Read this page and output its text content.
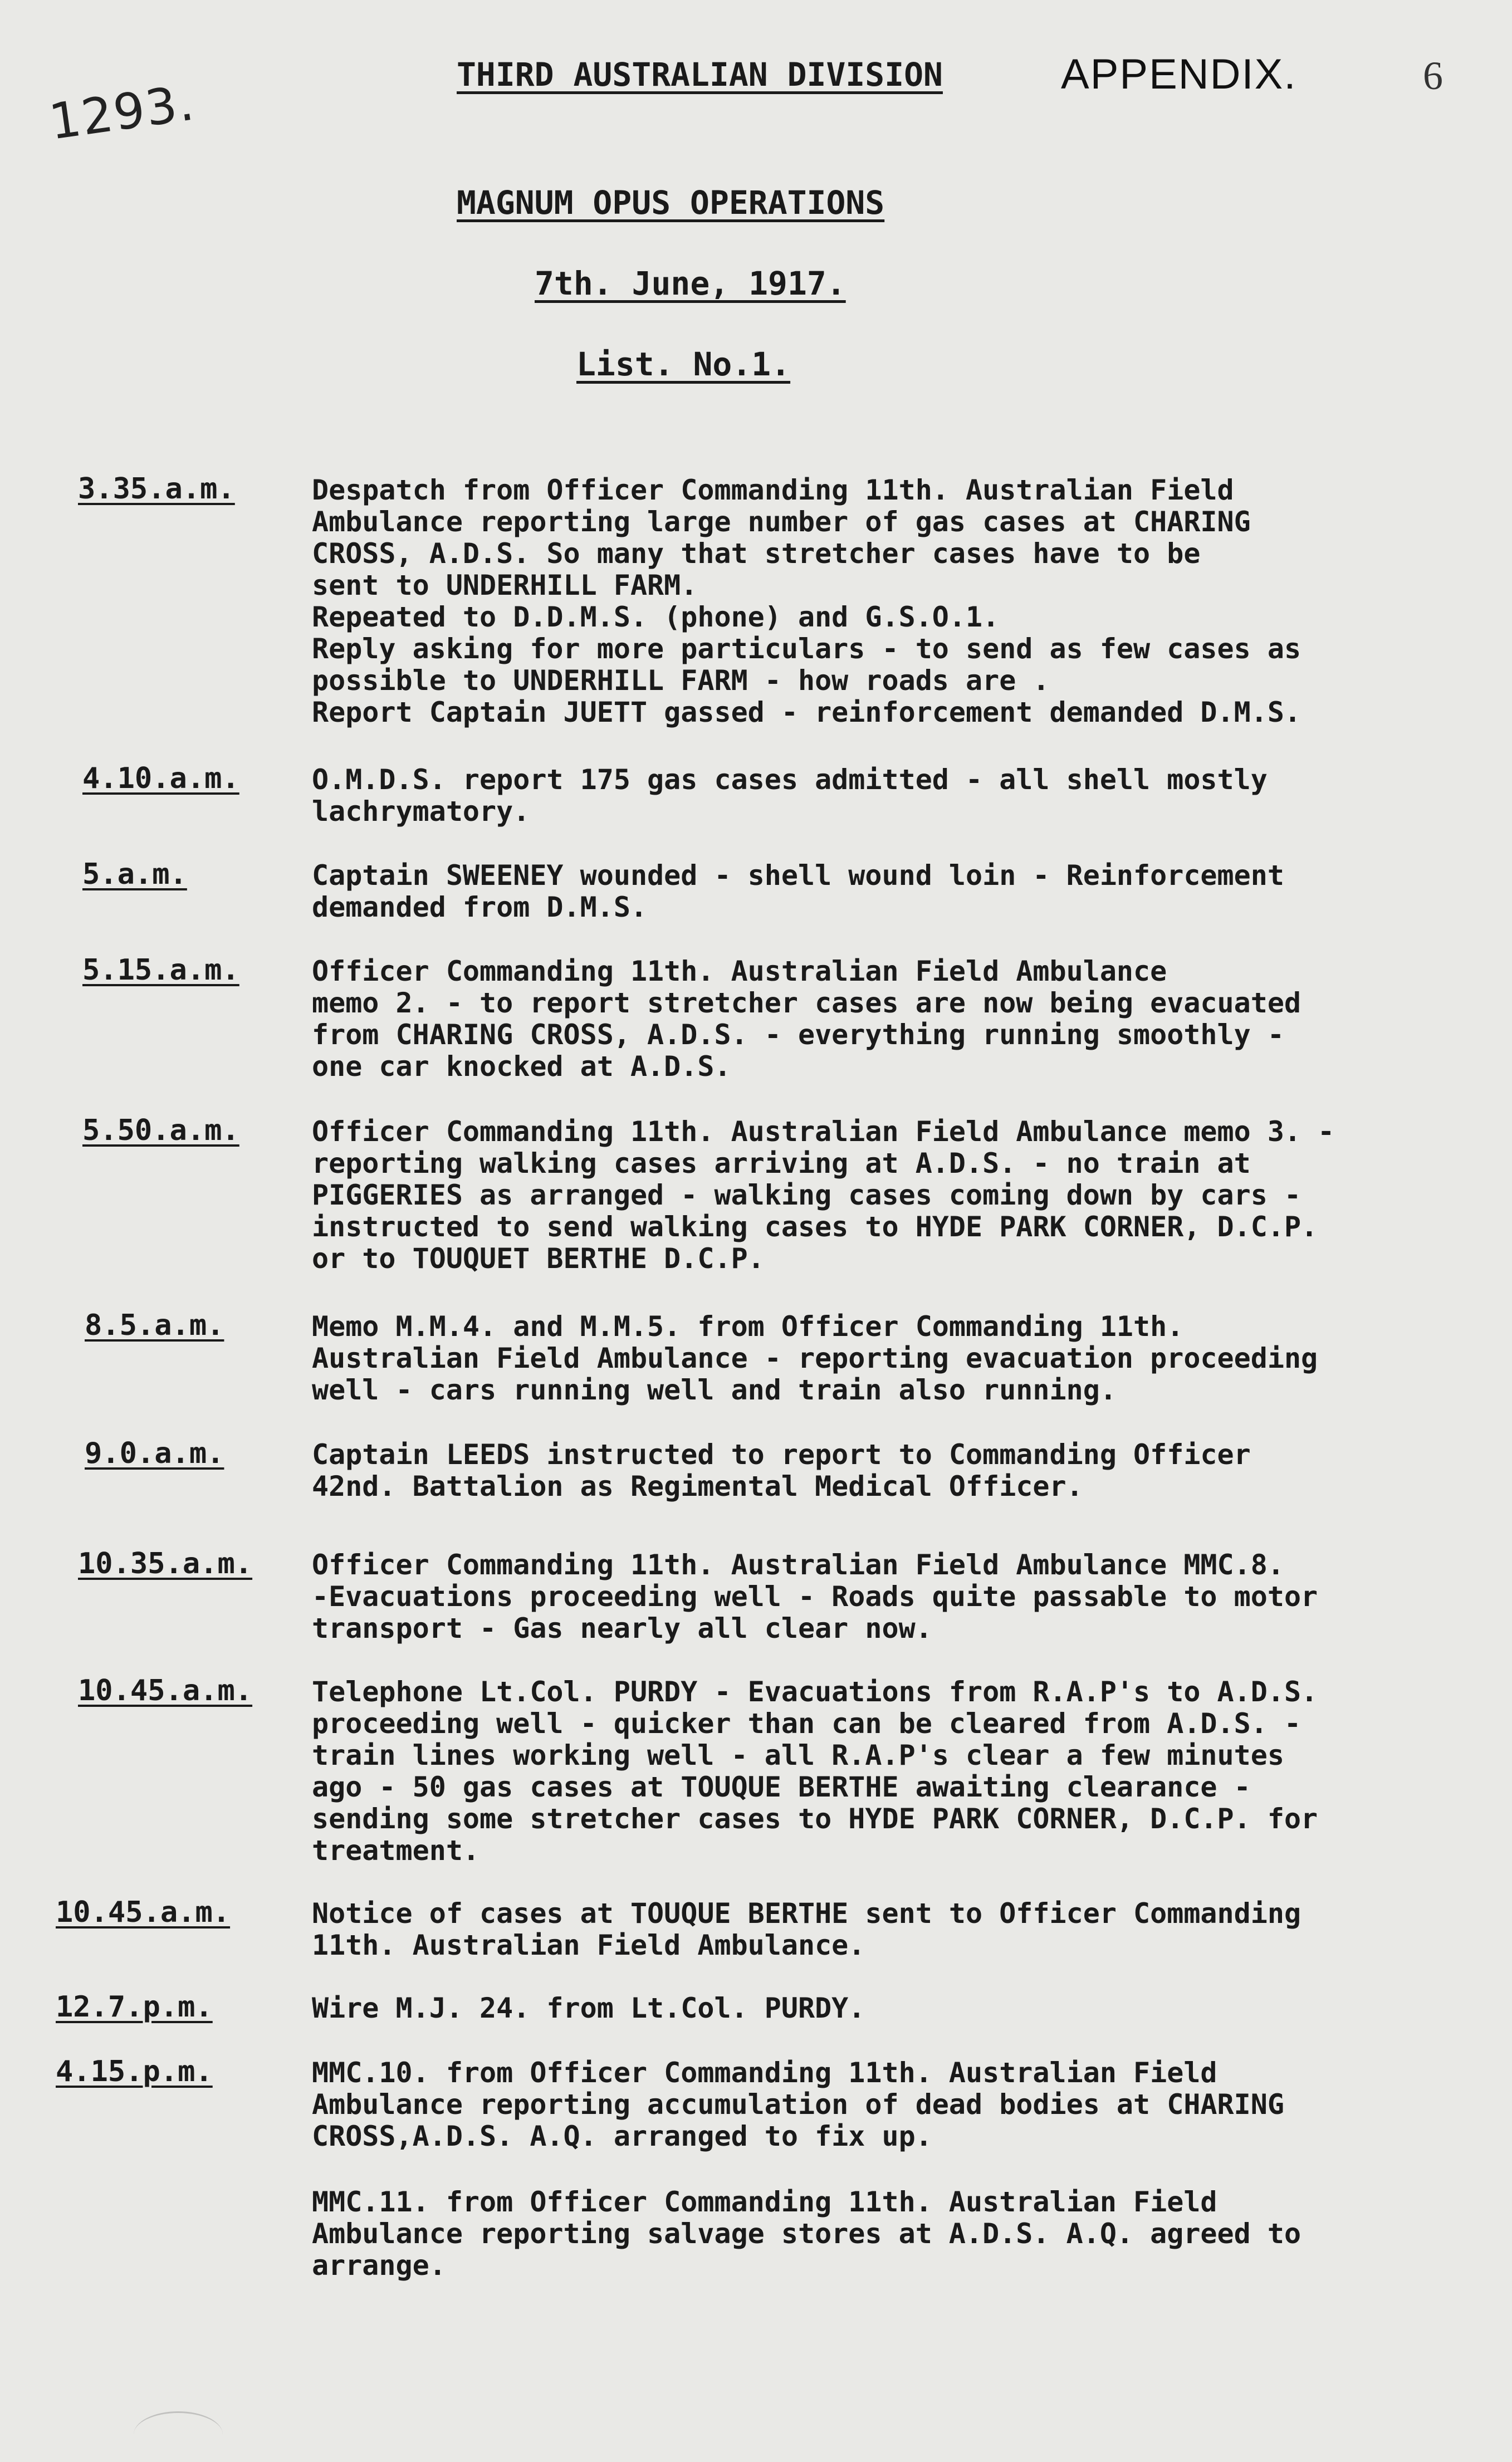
1293.	THIRD AUSTRALIAN DIVISION	APPENDIX.	6
MAGNUM OPUS OPERATIONS
7th. June, 1917.
List. No.1.
3.35.a.m.	Despatch from Officer Commanding 11th. Australian Field
Ambulance reporting large number of gas cases at CHARING
CROSS, A.D.S. So many that stretcher cases have to be
sent to UNDERHILL FARM.
Repeated to D.D.M.S. (phone) and G.S.O.1.
Reply asking for more particulars - to send as few cases as
possible to UNDERHILL FARM - how roads are .
Report Captain JUETT gassed - reinforcement demanded D.M.S.
4.10.a.m.	O.M.D.S. report 175 gas cases admitted - all shell mostly
lachrymatory.
5.a.m.	Captain SWEENEY wounded - shell wound loin - Reinforcement
demanded from D.M.S.
5.15.a.m.	Officer Commanding 11th. Australian Field Ambulance
memo 2. - to report stretcher cases are now being evacuated
from CHARING CROSS, A.D.S. - everything running smoothly -
one car knocked at A.D.S.
5.50.a.m.	Officer Commanding 11th. Australian Field Ambulance memo 3. -
reporting walking cases arriving at A.D.S. - no train at
PIGGERIES as arranged - walking cases coming down by cars -
instructed to send walking cases to HYDE PARK CORNER, D.C.P.
or to TOUQUET BERTHE D.C.P.
8.5.a.m.	Memo M.M.4. and M.M.5. from Officer Commanding 11th.
Australian Field Ambulance - reporting evacuation proceeding
well - cars running well and train also running.
9.0.a.m.	Captain LEEDS instructed to report to Commanding Officer
42nd. Battalion as Regimental Medical Officer.
10.35.a.m. Officer Commanding 11th. Australian Field Ambulance MMC.8.
-Evacuations proceeding well - Roads quite passable to motor
transport - Gas nearly all clear now.
10.45.a.m. Telephone Lt.Col. PURDY - Evacuations from R.A.P's to A.D.S.
proceeding well - quicker than can be cleared from A.D.S. -
train lines working well - all R.A.P's clear a few minutes
ago - 50 gas cases at TOUQUE BERTHE awaiting clearance -
sending some stretcher cases to HYDE PARK CORNER, D.C.P. for
treatment.
10.45.a.m.	Notice of cases at TOUQUE BERTHE sent to Officer Commanding
11th. Australian Field Ambulance.
12.7.p.m.	Wire M.J. 24. from Lt.Col. PURDY.
4.15.p.m.	MMC.10. from Officer Commanding 11th. Australian Field
Ambulance reporting accumulation of dead bodies at CHARING
CROSS,A.D.S. A.Q. arranged to fix up.
MMC.11. from Officer Commanding 11th. Australian Field
Ambulance reporting salvage stores at A.D.S. A.Q. agreed to
arrange.
